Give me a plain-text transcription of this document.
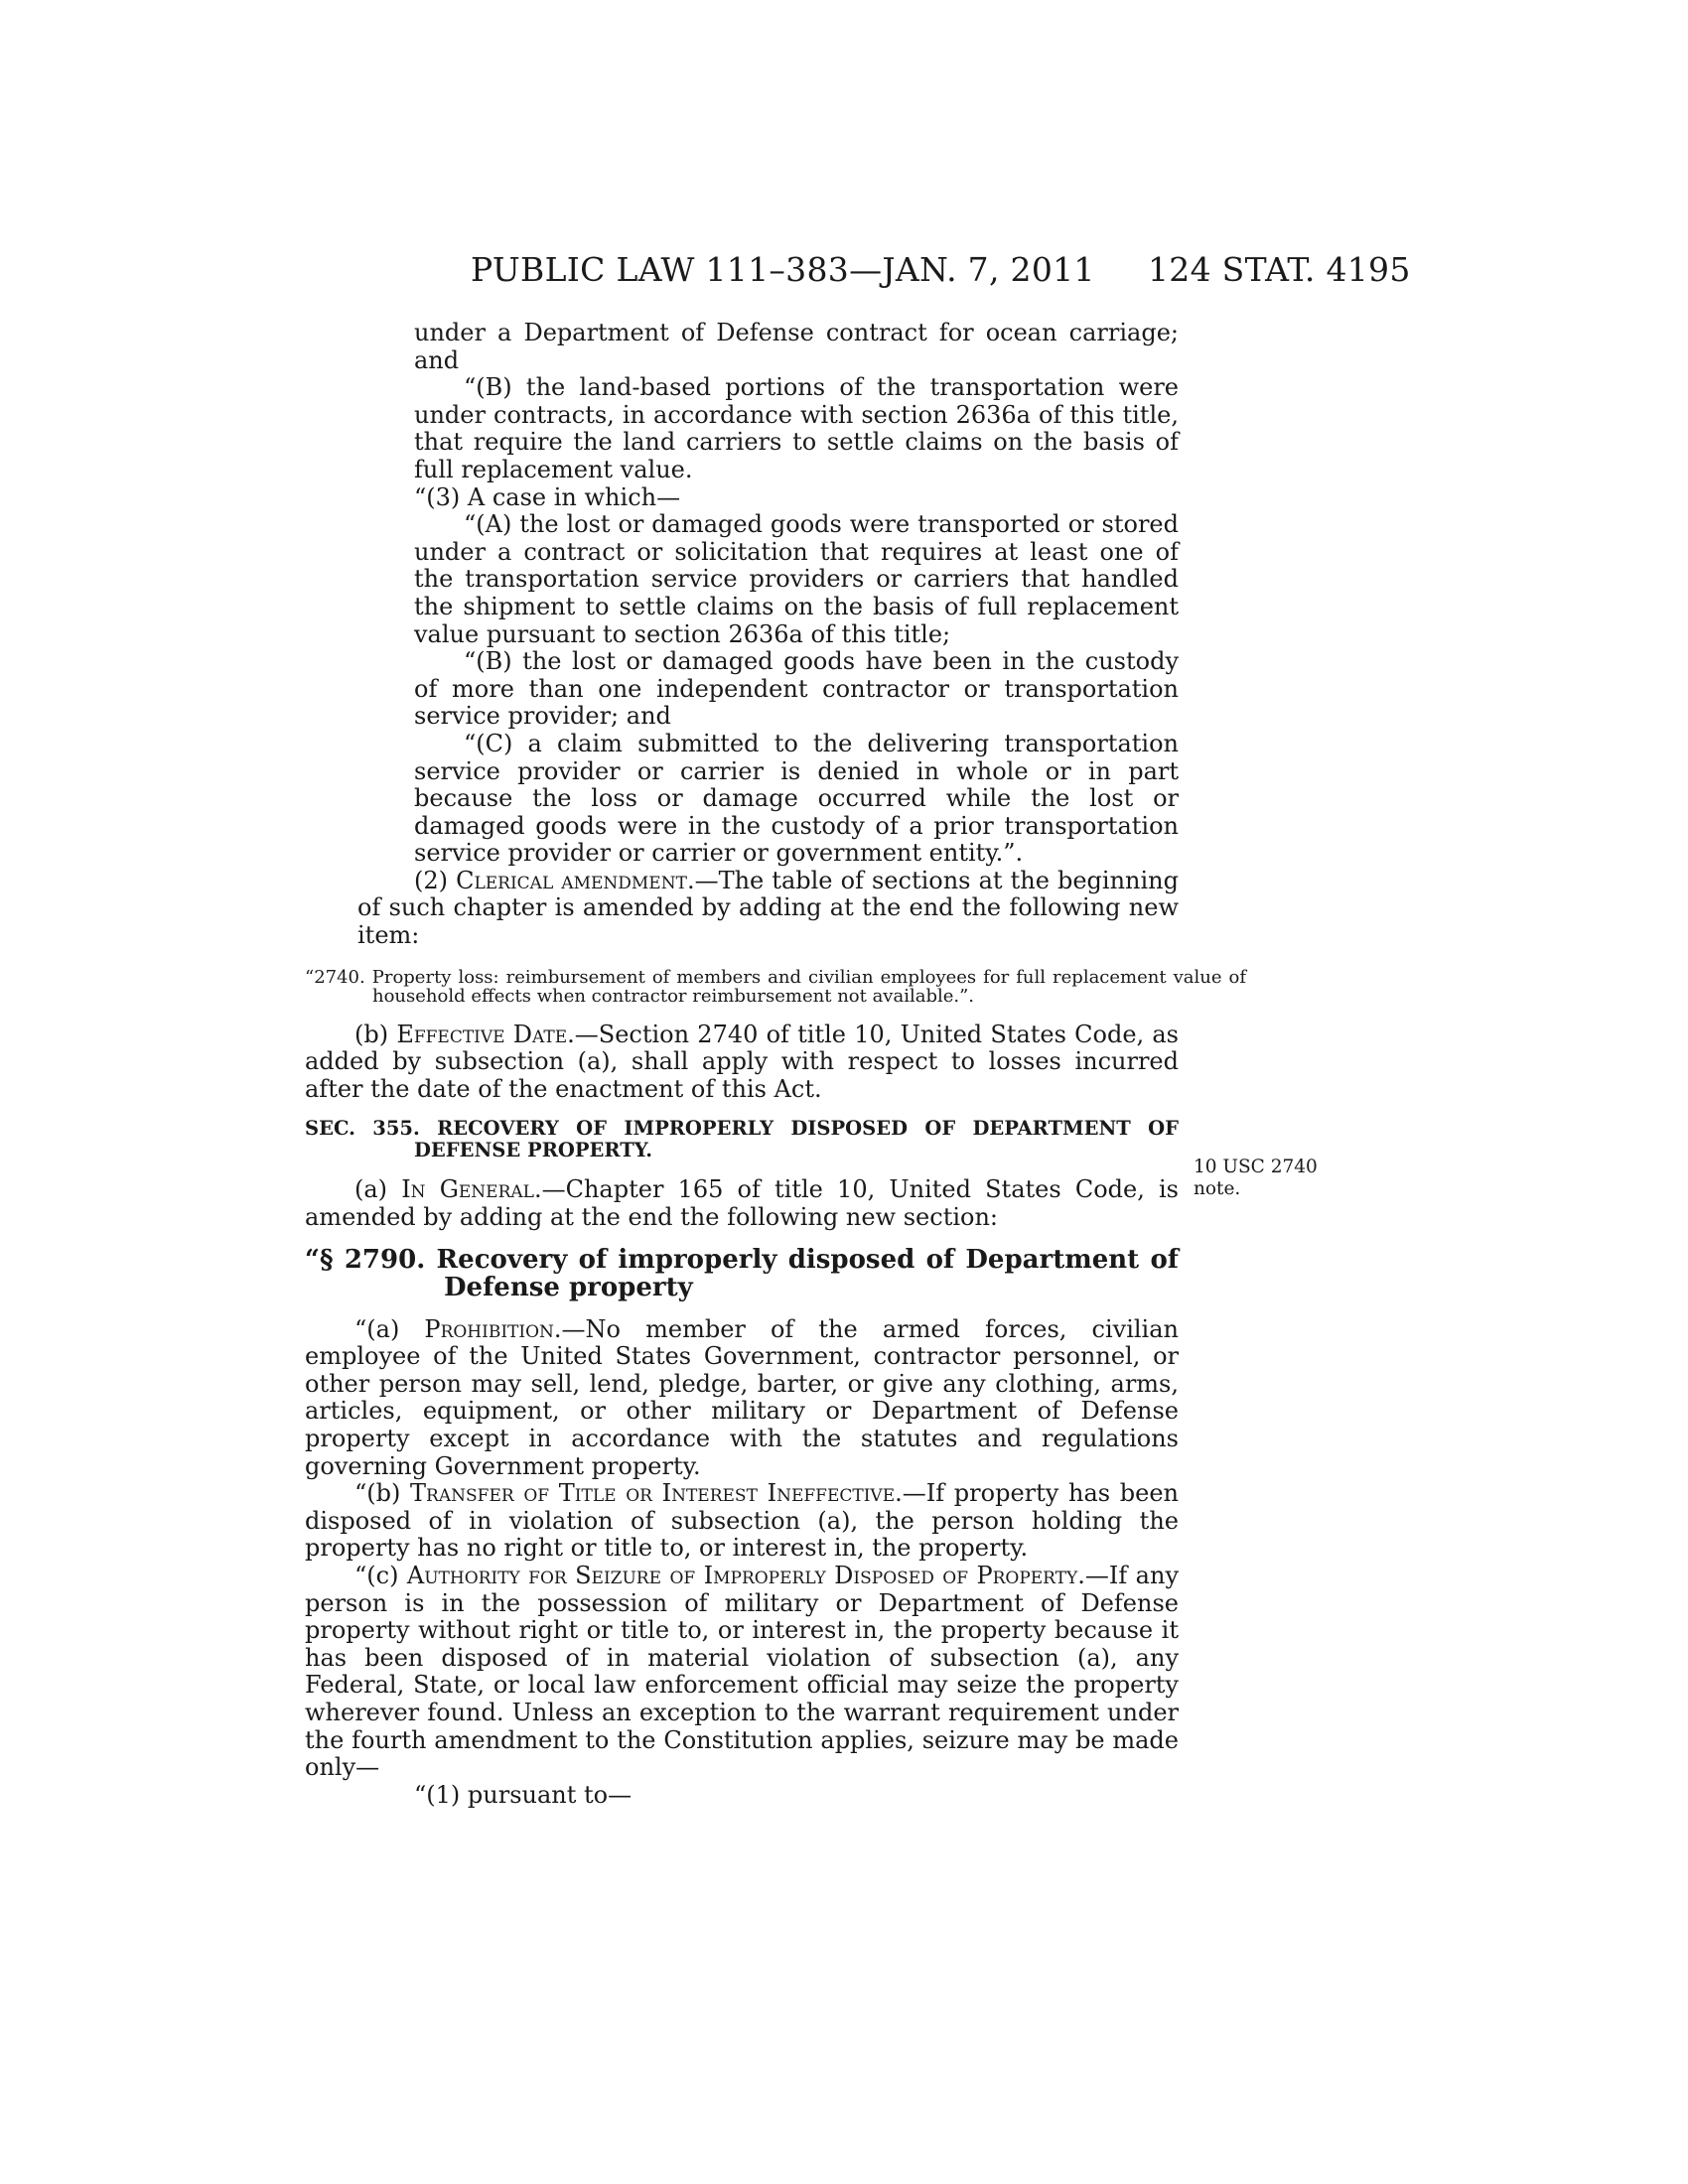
PUBLIC LAW 111–383—JAN. 7, 2011 124 STAT. 4195

under a Department of Defense contract for ocean carriage; and

“(B) the land-based portions of the transportation were under contracts, in accordance with section 2636a of this title, that require the land carriers to settle claims on the basis of full replacement value.

“(3) A case in which—

“(A) the lost or damaged goods were transported or stored under a contract or solicitation that requires at least one of the transportation service providers or carriers that handled the shipment to settle claims on the basis of full replacement value pursuant to section 2636a of this title;

“(B) the lost or damaged goods have been in the custody of more than one independent contractor or transportation service provider; and

“(C) a claim submitted to the delivering transportation service provider or carrier is denied in whole or in part because the loss or damage occurred while the lost or damaged goods were in the custody of a prior transportation service provider or carrier or government entity.”.

(2) Clerical amendment.—The table of sections at the beginning of such chapter is amended by adding at the end the following new item:

“2740. Property loss: reimbursement of members and civilian employees for full replacement value of household effects when contractor reimbursement not available.”.

(b) Effective Date.—Section 2740 of title 10, United States Code, as added by subsection (a), shall apply with respect to losses incurred after the date of the enactment of this Act.

SEC. 355. RECOVERY OF IMPROPERLY DISPOSED OF DEPARTMENT OF DEFENSE PROPERTY.

(a) In General.—Chapter 165 of title 10, United States Code, is amended by adding at the end the following new section:

“§ 2790. Recovery of improperly disposed of Department of Defense property

“(a) Prohibition.—No member of the armed forces, civilian employee of the United States Government, contractor personnel, or other person may sell, lend, pledge, barter, or give any clothing, arms, articles, equipment, or other military or Department of Defense property except in accordance with the statutes and regulations governing Government property.

“(b) Transfer of Title or Interest Ineffective.—If property has been disposed of in violation of subsection (a), the person holding the property has no right or title to, or interest in, the property.

“(c) Authority for Seizure of Improperly Disposed of Property.—If any person is in the possession of military or Department of Defense property without right or title to, or interest in, the property because it has been disposed of in material violation of subsection (a), any Federal, State, or local law enforcement official may seize the property wherever found. Unless an exception to the warrant requirement under the fourth amendment to the Constitution applies, seizure may be made only—

“(1) pursuant to—

10 USC 2740
note.
